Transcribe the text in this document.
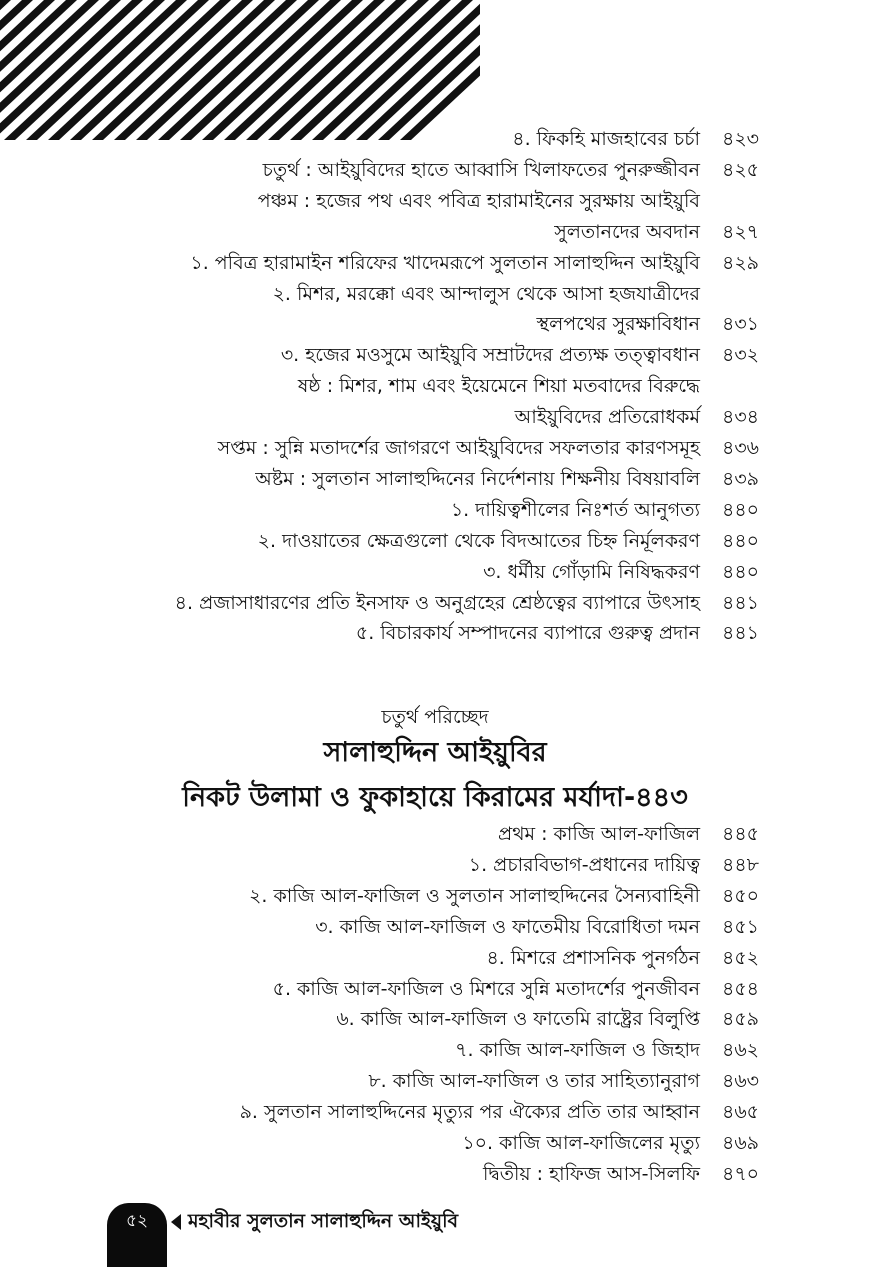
৪. ফিকহি মাজহাবের চর্চা ৪২৩
চতুর্থ : আইয়ুবিদের হাতে আব্বাসি খিলাফতের পুনরুজ্জীবন ৪২৫
পঞ্চম : হজের পথ এবং পবিত্র হারামাইনের সুরক্ষায় আইয়ুবি
সুলতানদের অবদান ৪২৭
১. পবিত্র হারামাইন শরিফের খাদেমরূপে সুলতান সালাহুদ্দিন আইয়ুবি ৪২৯
২. মিশর, মরক্কো এবং আন্দালুস থেকে আসা হজযাত্রীদের
স্থলপথের সুরক্ষাবিধান ৪৩১
৩. হজের মওসুমে আইয়ুবি সম্রাটদের প্রত্যক্ষ তত্ত্বাবধান ৪৩২
ষষ্ঠ : মিশর, শাম এবং ইয়েমেনে শিয়া মতবাদের বিরুদ্ধে
আইয়ুবিদের প্রতিরোধকর্ম ৪৩৪
সপ্তম : সুন্নি মতাদর্শের জাগরণে আইয়ুবিদের সফলতার কারণসমূহ ৪৩৬
অষ্টম : সুলতান সালাহুদ্দিনের নির্দেশনায় শিক্ষনীয় বিষয়াবলি ৪৩৯
১. দায়িত্বশীলের নিঃশর্ত আনুগত্য ৪৪০
২. দাওয়াতের ক্ষেত্রগুলো থেকে বিদআতের চিহ্ন নির্মূলকরণ ৪৪০
৩. ধর্মীয় গোঁড়ামি নিষিদ্ধকরণ ৪৪০
৪. প্রজাসাধারণের প্রতি ইনসাফ ও অনুগ্রহের শ্রেষ্ঠত্বের ব্যাপারে উৎসাহ ৪৪১
৫. বিচারকার্য সম্পাদনের ব্যাপারে গুরুত্ব প্রদান ৪৪১
চতুর্থ পরিচ্ছেদ
সালাহুদ্দিন আইয়ুবির
নিকট উলামা ও ফুকাহায়ে কিরামের মর্যাদা-৪৪৩
প্রথম : কাজি আল-ফাজিল ৪৪৫
১. প্রচারবিভাগ-প্রধানের দায়িত্ব ৪৪৮
২. কাজি আল-ফাজিল ও সুলতান সালাহুদ্দিনের সৈন্যবাহিনী ৪৫০
৩. কাজি আল-ফাজিল ও ফাতেমীয় বিরোধিতা দমন ৪৫১
৪. মিশরে প্রশাসনিক পুনর্গঠন ৪৫২
৫. কাজি আল-ফাজিল ও মিশরে সুন্নি মতাদর্শের পুনজীবন ৪৫৪
৬. কাজি আল-ফাজিল ও ফাতেমি রাষ্ট্রের বিলুপ্তি ৪৫৯
৭. কাজি আল-ফাজিল ও জিহাদ ৪৬২
৮. কাজি আল-ফাজিল ও তার সাহিত্যানুরাগ ৪৬৩
৯. সুলতান সালাহুদ্দিনের মৃত্যুর পর ঐক্যের প্রতি তার আহ্বান ৪৬৫
১০. কাজি আল-ফাজিলের মৃত্যু ৪৬৯
দ্বিতীয় : হাফিজ আস-সিলফি ৪৭০
৫২	মহাবীর সুলতান সালাহুদ্দিন আইয়ুবি
